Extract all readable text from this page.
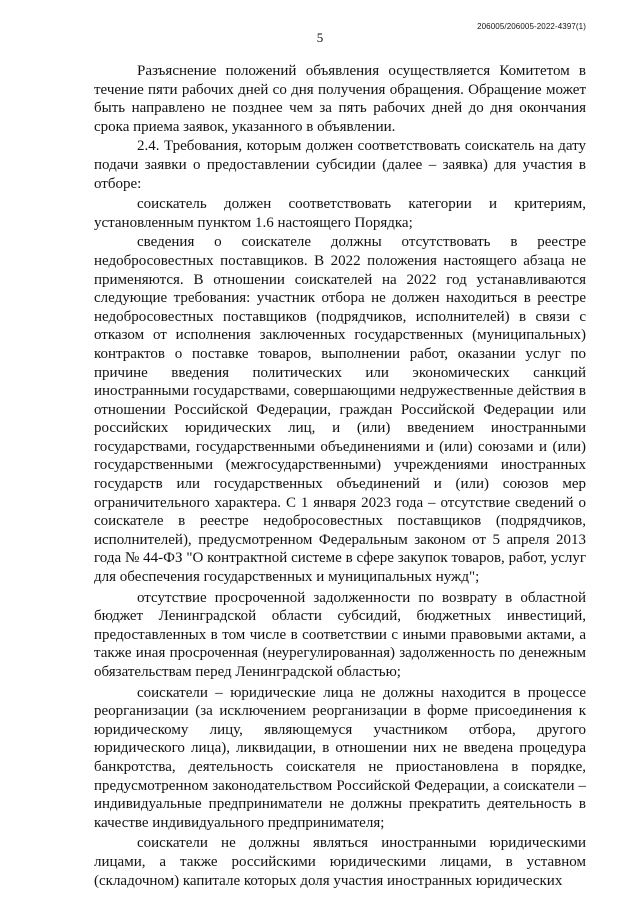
5
206005/206005-2022-4397(1)

Разъяснение положений объявления осуществляется Комитетом в течение пяти рабочих дней со дня получения обращения. Обращение может быть направлено не позднее чем за пять рабочих дней до дня окончания срока приема заявок, указанного в объявлении.

2.4. Требования, которым должен соответствовать соискатель на дату подачи заявки о предоставлении субсидии (далее – заявка) для участия в отборе:

соискатель должен соответствовать категории и критериям, установленным пунктом 1.6 настоящего Порядка;

сведения о соискателе должны отсутствовать в реестре недобросовестных поставщиков. В 2022 положения настоящего абзаца не применяются. В отношении соискателей на 2022 год устанавливаются следующие требования: участник отбора не должен находиться в реестре недобросовестных поставщиков (подрядчиков, исполнителей) в связи с отказом от исполнения заключенных государственных (муниципальных) контрактов о поставке товаров, выполнении работ, оказании услуг по причине введения политических или экономических санкций иностранными государствами, совершающими недружественные действия в отношении Российской Федерации, граждан Российской Федерации или российских юридических лиц, и (или) введением иностранными государствами, государственными объединениями и (или) союзами и (или) государственными (межгосударственными) учреждениями иностранных государств или государственных объединений и (или) союзов мер ограничительного характера. С 1 января 2023 года – отсутствие сведений о соискателе в реестре недобросовестных поставщиков (подрядчиков, исполнителей), предусмотренном Федеральным законом от 5 апреля 2013 года № 44-ФЗ "О контрактной системе в сфере закупок товаров, работ, услуг для обеспечения государственных и муниципальных нужд";

отсутствие просроченной задолженности по возврату в областной бюджет Ленинградской области субсидий, бюджетных инвестиций, предоставленных в том числе в соответствии с иными правовыми актами, а также иная просроченная (неурегулированная) задолженность по денежным обязательствам перед Ленинградской областью;

соискатели – юридические лица не должны находится в процессе реорганизации (за исключением реорганизации в форме присоединения к юридическому лицу, являющемуся участником отбора, другого юридического лица), ликвидации, в отношении них не введена процедура банкротства, деятельность соискателя не приостановлена в порядке, предусмотренном законодательством Российской Федерации, а соискатели – индивидуальные предприниматели не должны прекратить деятельность в качестве индивидуального предпринимателя;

соискатели не должны являться иностранными юридическими лицами, а также российскими юридическими лицами, в уставном (складочном) капитале которых доля участия иностранных юридических
